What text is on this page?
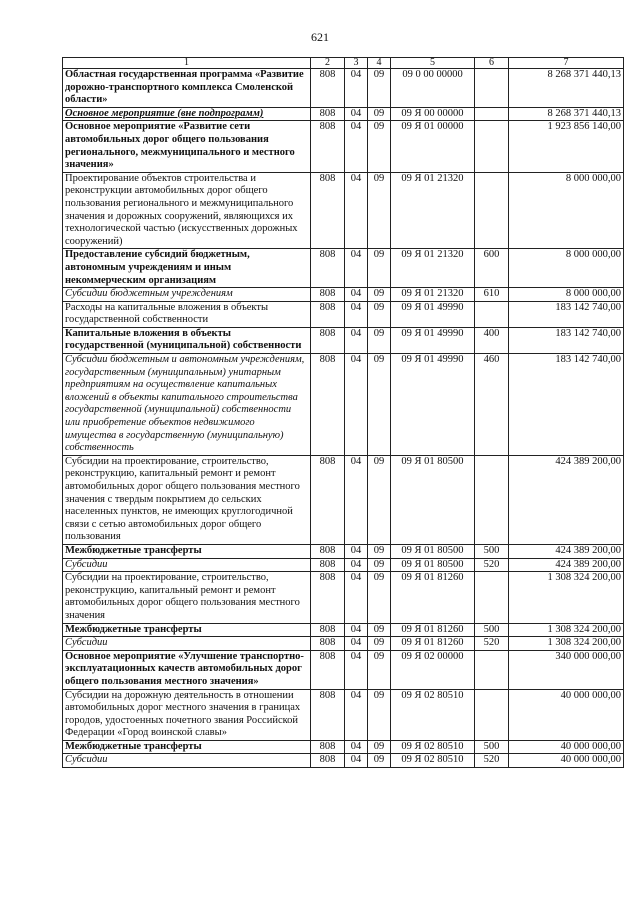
621
1	2	3	4	5	6	7
Областная государственная программа «Развитие дорожно-транспортного комплекса Смоленской области»	808	04	09	09 0 00 00000		8 268 371 440,13
Основное мероприятие (вне подпрограмм)	808	04	09	09 Я 00 00000		8 268 371 440,13
Основное мероприятие «Развитие сети автомобильных дорог общего пользования регионального, межмуниципального и местного значения»	808	04	09	09 Я 01 00000		1 923 856 140,00
Проектирование объектов строительства и реконструкции автомобильных дорог общего пользования регионального и межмуниципального значения и дорожных сооружений, являющихся их технологической частью (искусственных дорожных сооружений)	808	04	09	09 Я 01 21320		8 000 000,00
Предоставление субсидий бюджетным, автономным учреждениям и иным некоммерческим организациям	808	04	09	09 Я 01 21320	600	8 000 000,00
Субсидии бюджетным учреждениям	808	04	09	09 Я 01 21320	610	8 000 000,00
Расходы на капитальные вложения в объекты государственной собственности	808	04	09	09 Я 01 49990		183 142 740,00
Капитальные вложения в объекты государственной (муниципальной) собственности	808	04	09	09 Я 01 49990	400	183 142 740,00
Субсидии бюджетным и автономным учреждениям, государственным (муниципальным) унитарным предприятиям на осуществление капитальных вложений в объекты капитального строительства государственной (муниципальной) собственности или приобретение объектов недвижимого имущества в государственную (муниципальную) собственность	808	04	09	09 Я 01 49990	460	183 142 740,00
Субсидии на проектирование, строительство, реконструкцию, капитальный ремонт и ремонт автомобильных дорог общего пользования местного значения с твердым покрытием до сельских населенных пунктов, не имеющих круглогодичной связи с сетью автомобильных дорог общего пользования	808	04	09	09 Я 01 80500		424 389 200,00
Межбюджетные трансферты	808	04	09	09 Я 01 80500	500	424 389 200,00
Субсидии	808	04	09	09 Я 01 80500	520	424 389 200,00
Субсидии на проектирование, строительство, реконструкцию, капитальный ремонт и ремонт автомобильных дорог общего пользования местного значения	808	04	09	09 Я 01 81260		1 308 324 200,00
Межбюджетные трансферты	808	04	09	09 Я 01 81260	500	1 308 324 200,00
Субсидии	808	04	09	09 Я 01 81260	520	1 308 324 200,00
Основное мероприятие «Улучшение транспортно-эксплуатационных качеств автомобильных дорог общего пользования местного значения»	808	04	09	09 Я 02 00000		340 000 000,00
Субсидии на дорожную деятельность в отношении автомобильных дорог местного значения в границах городов, удостоенных почетного звания Российской Федерации «Город воинской славы»	808	04	09	09 Я 02 80510		40 000 000,00
Межбюджетные трансферты	808	04	09	09 Я 02 80510	500	40 000 000,00
Субсидии	808	04	09	09 Я 02 80510	520	40 000 000,00
